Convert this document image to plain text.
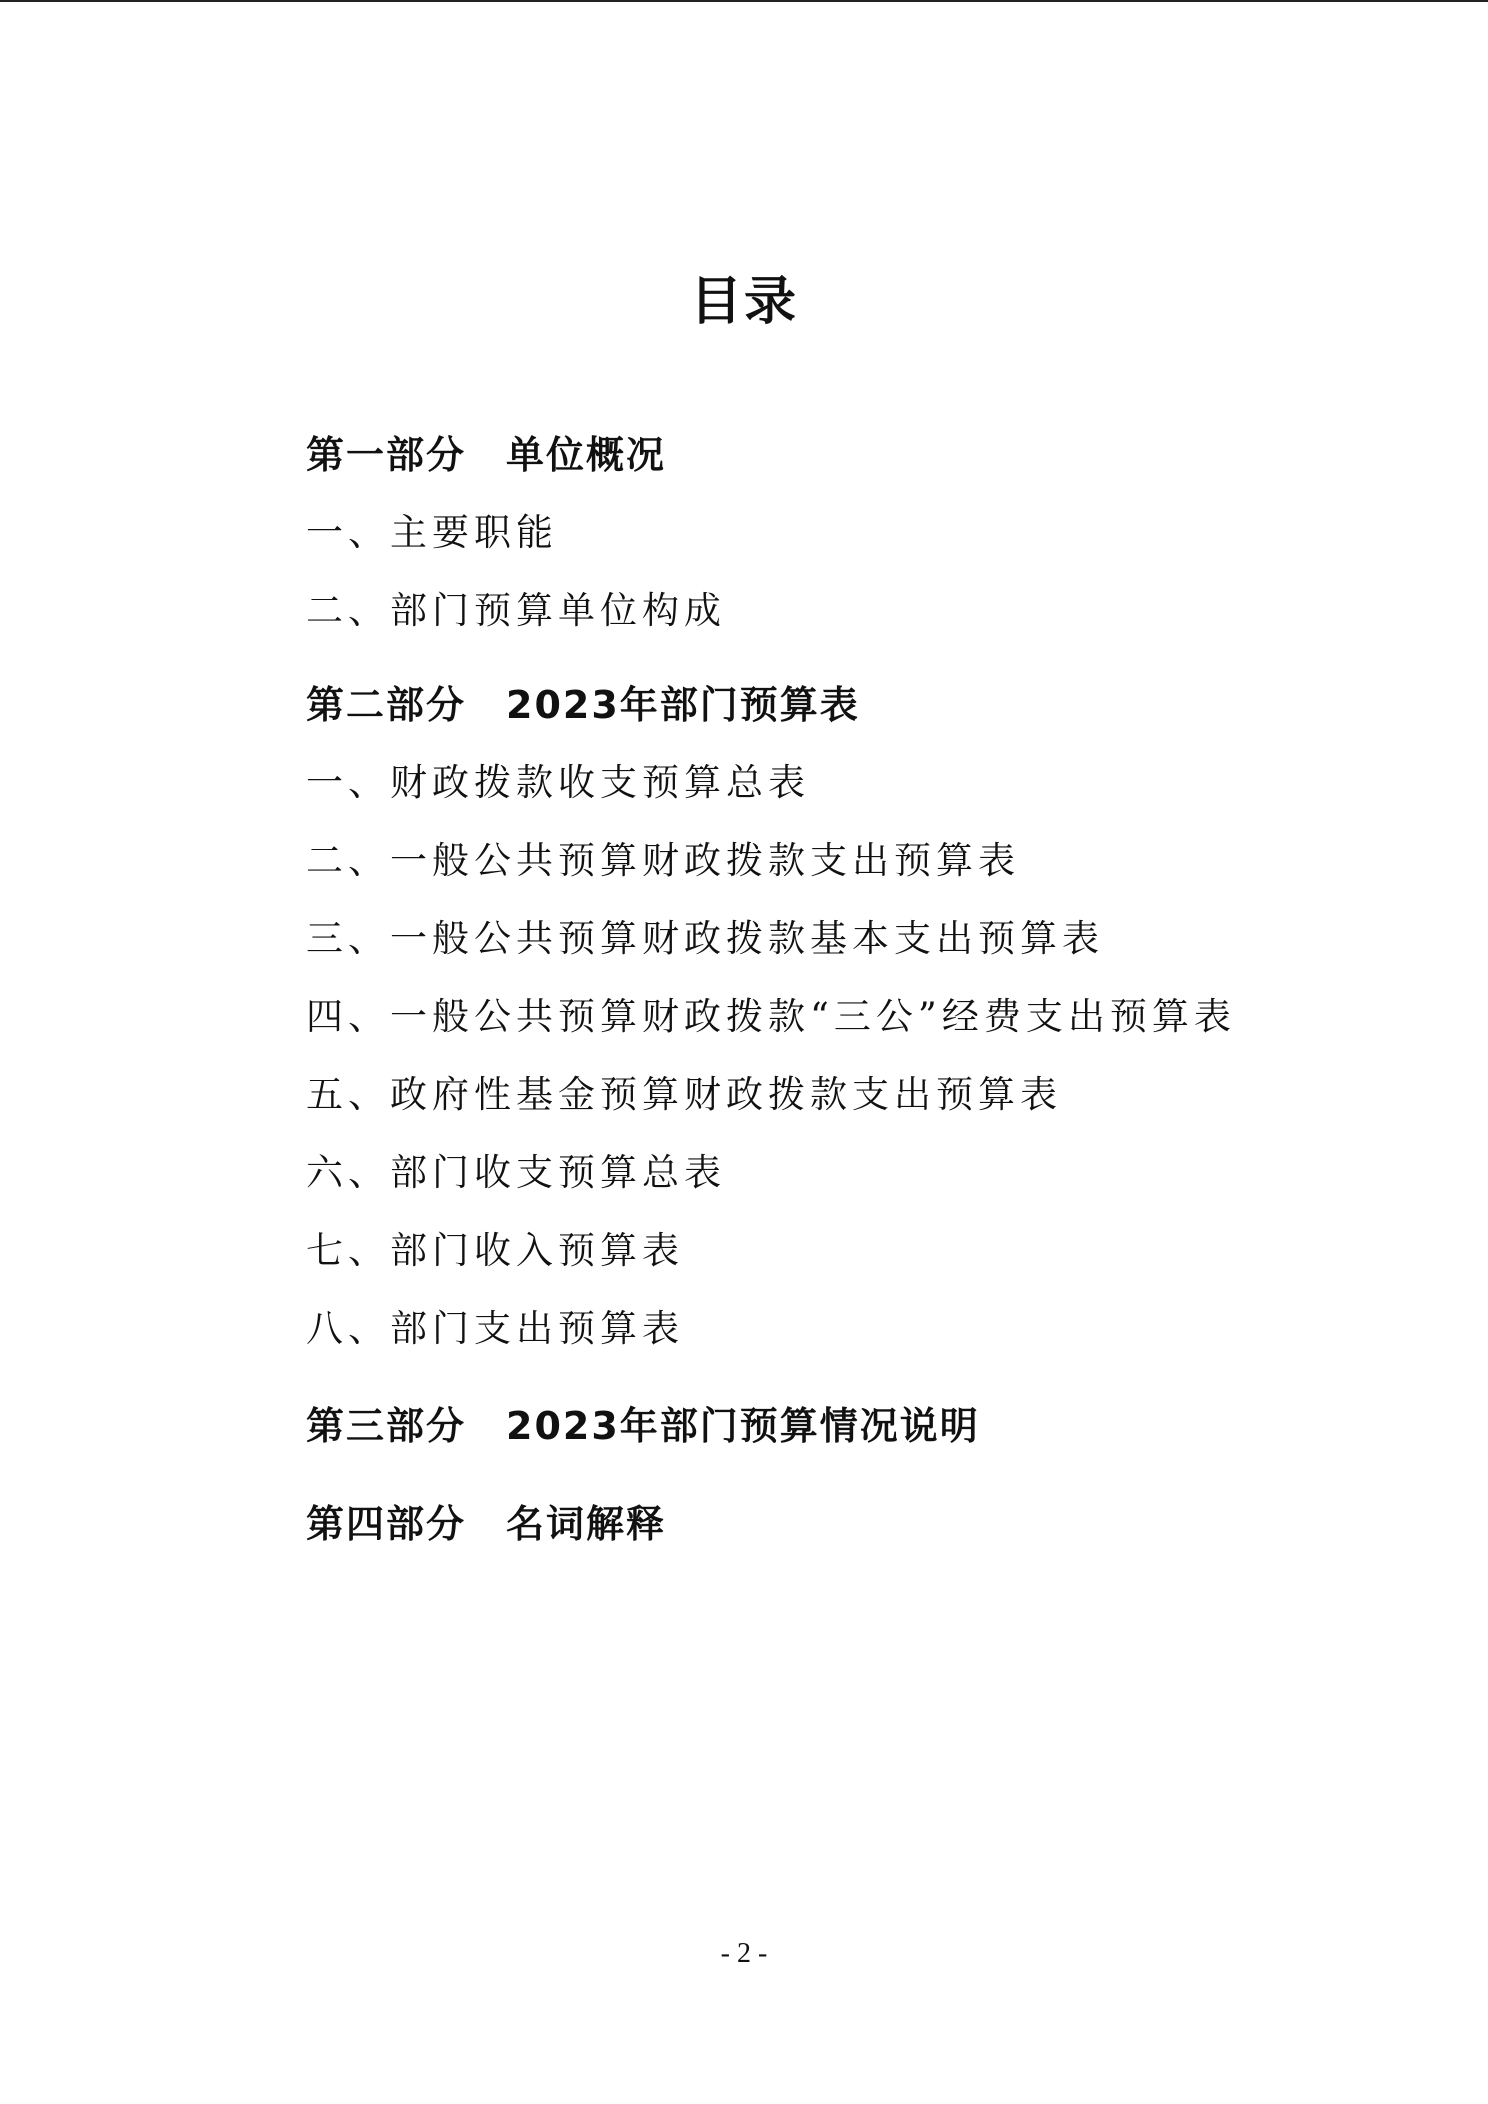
目录
第一部分 单位概况
一、主要职能
二、部门预算单位构成
第二部分 2023年部门预算表
一、财政拨款收支预算总表
二、一般公共预算财政拨款支出预算表
三、一般公共预算财政拨款基本支出预算表
四、一般公共预算财政拨款“三公”经费支出预算表
五、政府性基金预算财政拨款支出预算表
六、部门收支预算总表
七、部门收入预算表
八、部门支出预算表
第三部分 2023年部门预算情况说明
第四部分 名词解释
- 2 -
